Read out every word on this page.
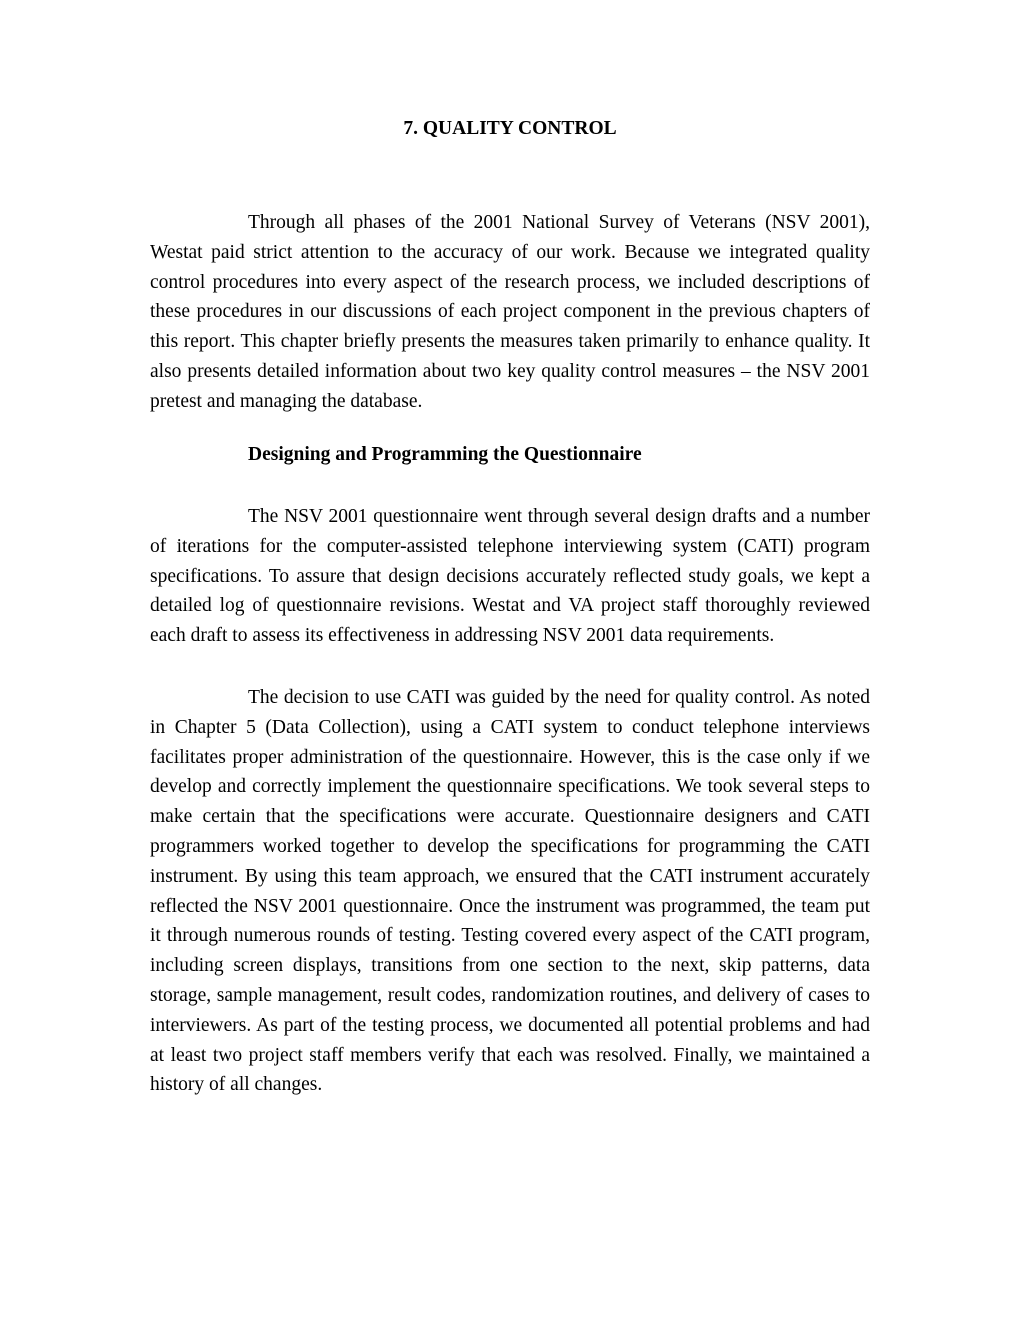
7. QUALITY CONTROL

Through all phases of the 2001 National Survey of Veterans (NSV 2001), Westat paid strict attention to the accuracy of our work. Because we integrated quality control procedures into every aspect of the research process, we included descriptions of these procedures in our discussions of each project component in the previous chapters of this report. This chapter briefly presents the measures taken primarily to enhance quality. It also presents detailed information about two key quality control measures – the NSV 2001 pretest and managing the database.

Designing and Programming the Questionnaire

The NSV 2001 questionnaire went through several design drafts and a number of iterations for the computer-assisted telephone interviewing system (CATI) program specifications. To assure that design decisions accurately reflected study goals, we kept a detailed log of questionnaire revisions. Westat and VA project staff thoroughly reviewed each draft to assess its effectiveness in addressing NSV 2001 data requirements.

The decision to use CATI was guided by the need for quality control. As noted in Chapter 5 (Data Collection), using a CATI system to conduct telephone interviews facilitates proper administration of the questionnaire. However, this is the case only if we develop and correctly implement the questionnaire specifications. We took several steps to make certain that the specifications were accurate. Questionnaire designers and CATI programmers worked together to develop the specifications for programming the CATI instrument. By using this team approach, we ensured that the CATI instrument accurately reflected the NSV 2001 questionnaire. Once the instrument was programmed, the team put it through numerous rounds of testing. Testing covered every aspect of the CATI program, including screen displays, transitions from one section to the next, skip patterns, data storage, sample management, result codes, randomization routines, and delivery of cases to interviewers. As part of the testing process, we documented all potential problems and had at least two project staff members verify that each was resolved. Finally, we maintained a history of all changes.
